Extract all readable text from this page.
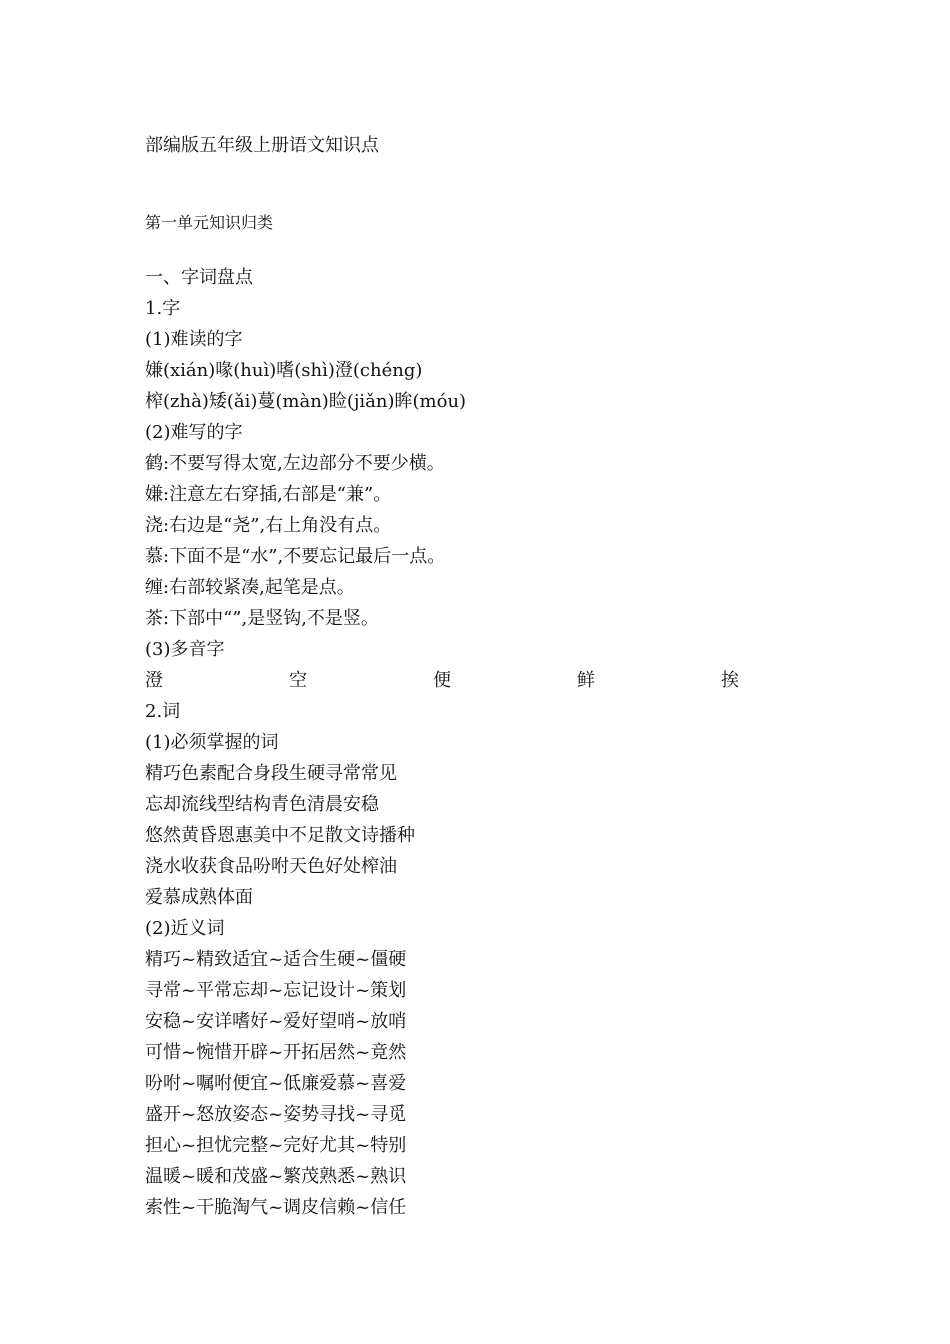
部编版五年级上册语文知识点
第一单元知识归类
一、字词盘点
1.字
(1)难读的字
嫌(xián)喙(huì)嗜(shì)澄(chéng)
榨(zhà)矮(ǎi)蔓(màn)睑(jiǎn)眸(móu)
(2)难写的字
鹤:不要写得太宽,左边部分不要少横。
嫌:注意左右穿插,右部是“兼”。
浇:右边是“尧”,右上角没有点。
慕:下面不是“水”,不要忘记最后一点。
缠:右部较紧凑,起笔是点。
茶:下部中“”,是竖钩,不是竖。
(3)多音字
澄	空	便	鲜	挨
2.词
(1)必须掌握的词
精巧色素配合身段生硬寻常常见
忘却流线型结构青色清晨安稳
悠然黄昏恩惠美中不足散文诗播种
浇水收获食品吩咐天色好处榨油
爱慕成熟体面
(2)近义词
精巧~精致适宜~适合生硬~僵硬
寻常~平常忘却~忘记设计~策划
安稳~安详嗜好~爱好望哨~放哨
可惜~惋惜开辟~开拓居然~竟然
吩咐~嘱咐便宜~低廉爱慕~喜爱
盛开~怒放姿态~姿势寻找~寻觅
担心~担忧完整~完好尤其~特别
温暖~暖和茂盛~繁茂熟悉~熟识
索性~干脆淘气~调皮信赖~信任
